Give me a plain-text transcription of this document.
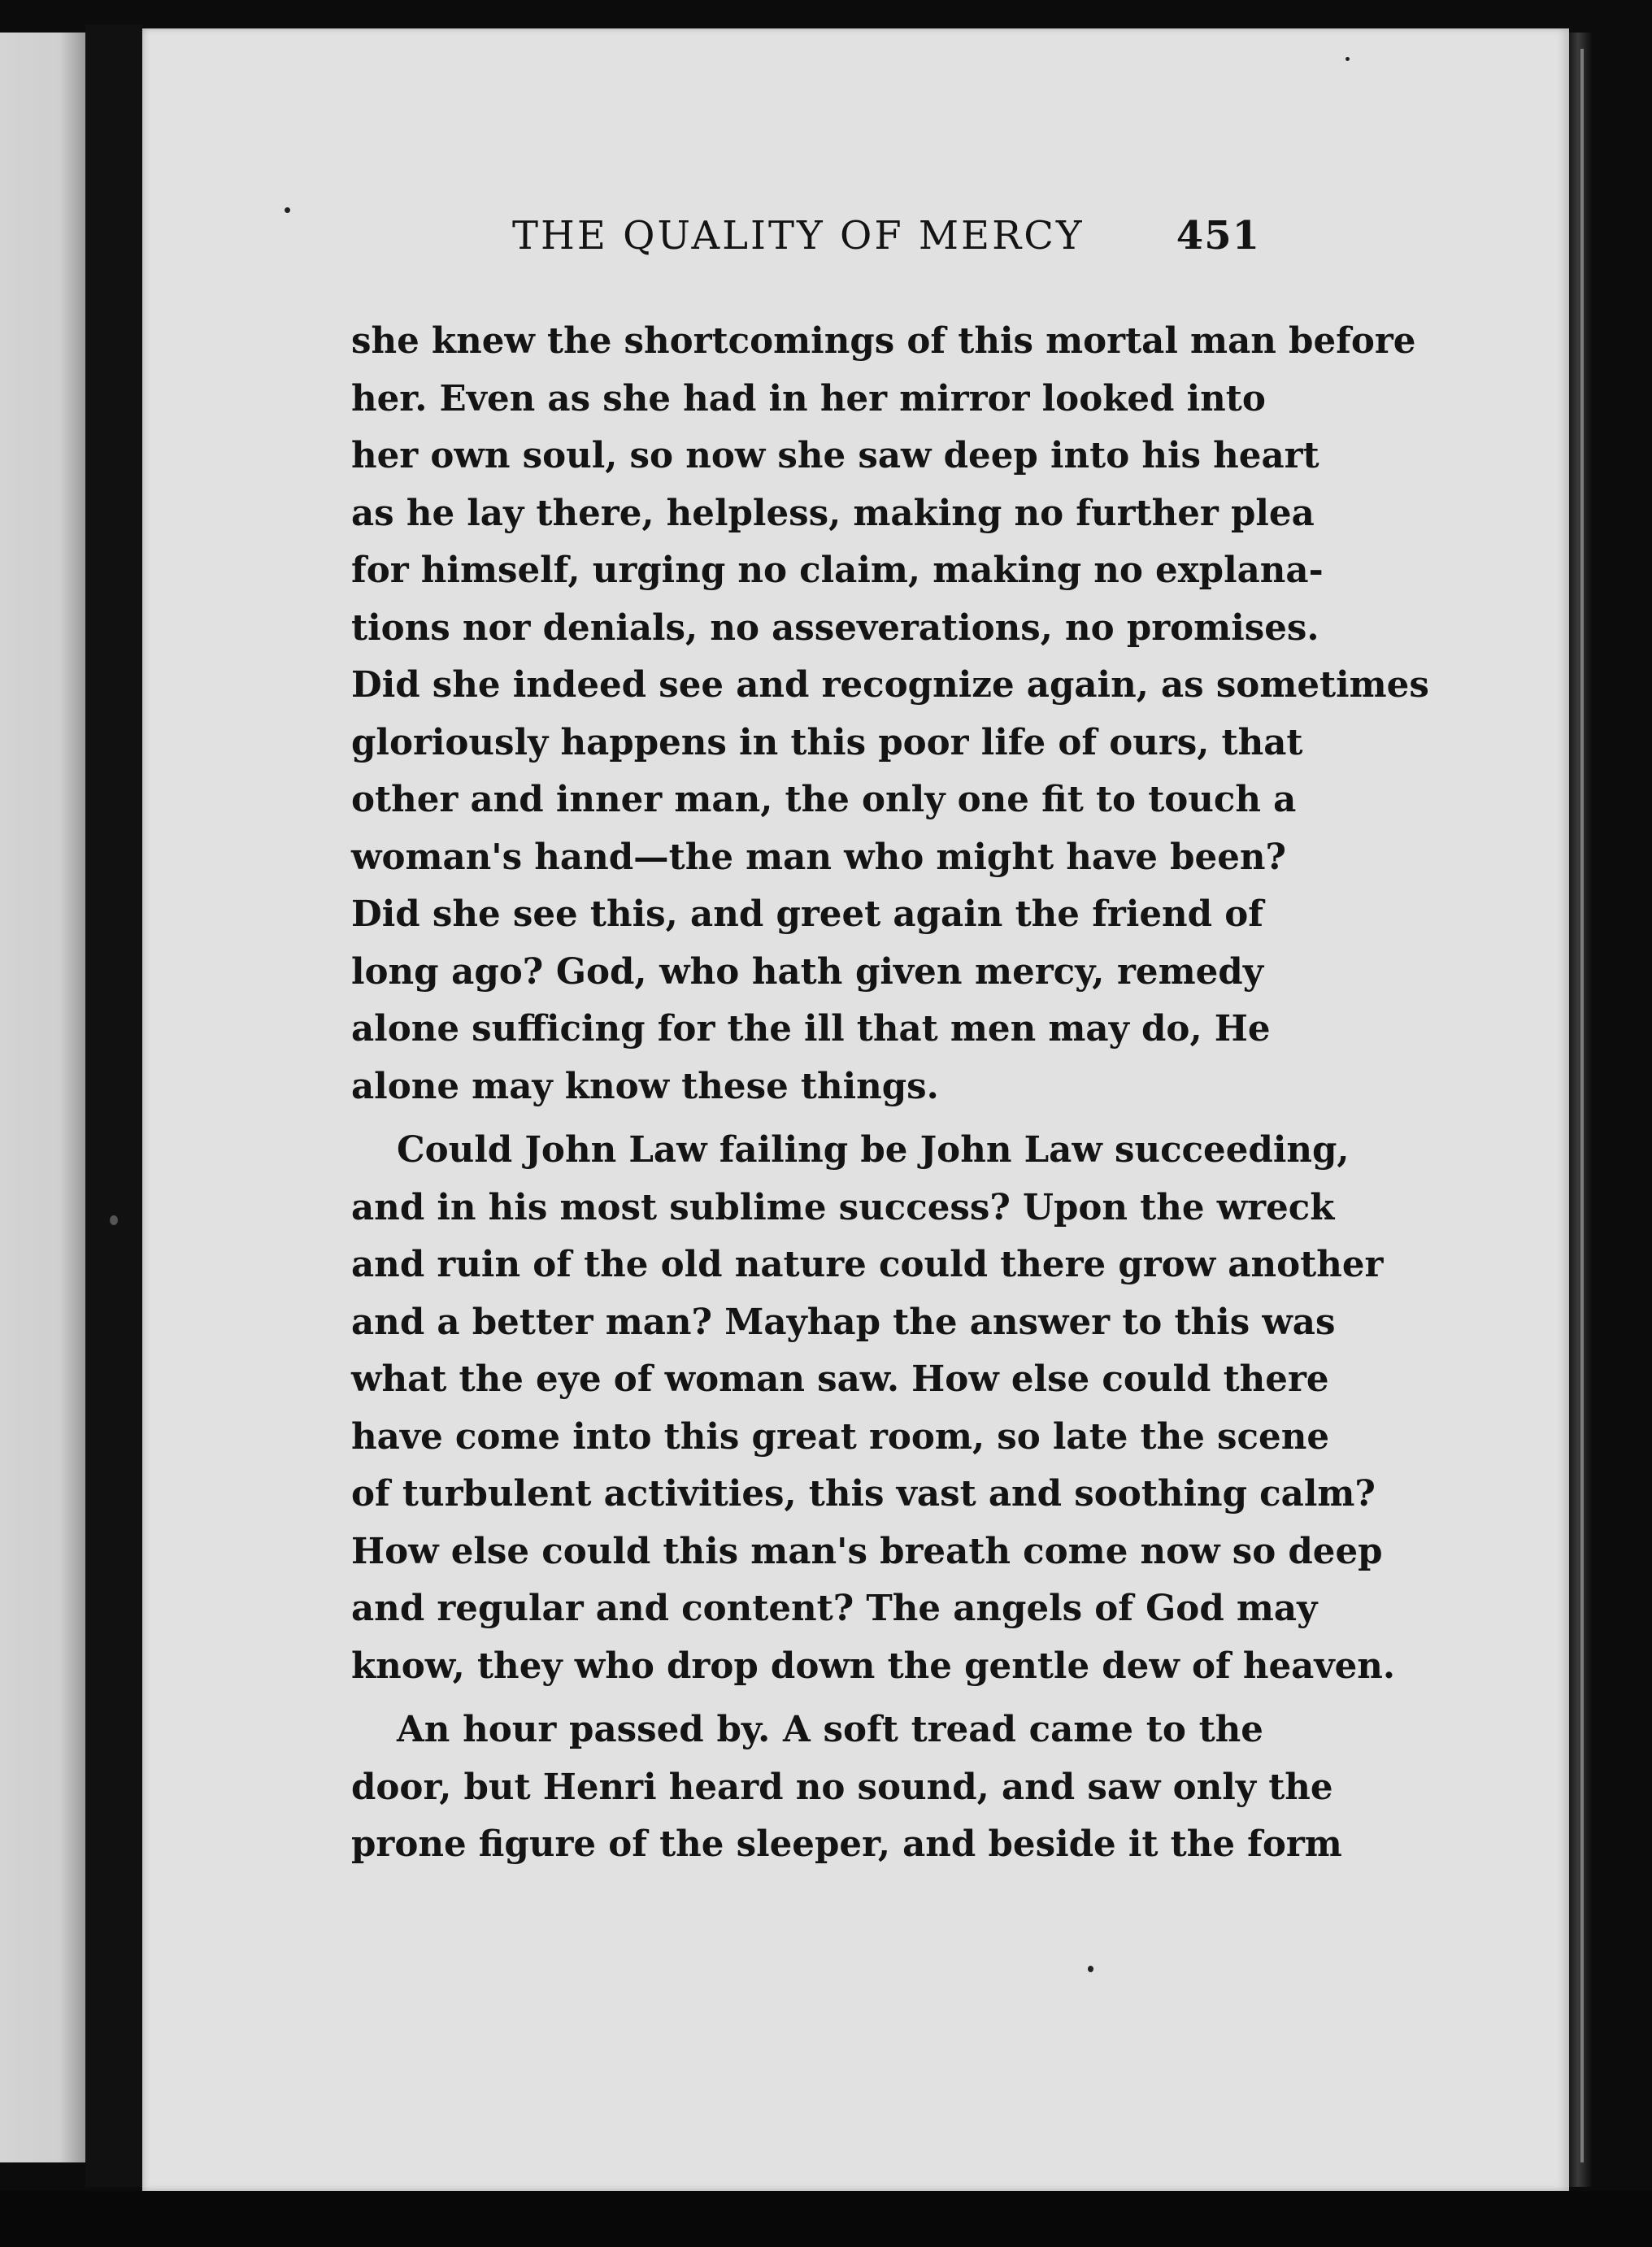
THE QUALITY OF MERCY 451
she knew the shortcomings of this mortal man before
her. Even as she had in her mirror looked into
her own soul, so now she saw deep into his heart
as he lay there, helpless, making no further plea
for himself, urging no claim, making no explana-
tions nor denials, no asseverations, no promises.
Did she indeed see and recognize again, as sometimes
gloriously happens in this poor life of ours, that
other and inner man, the only one fit to touch a
woman's hand—the man who might have been?
Did she see this, and greet again the friend of
long ago? God, who hath given mercy, remedy
alone sufficing for the ill that men may do, He
alone may know these things.
Could John Law failing be John Law succeeding,
and in his most sublime success? Upon the wreck
and ruin of the old nature could there grow another
and a better man? Mayhap the answer to this was
what the eye of woman saw. How else could there
have come into this great room, so late the scene
of turbulent activities, this vast and soothing calm?
How else could this man's breath come now so deep
and regular and content? The angels of God may
know, they who drop down the gentle dew of heaven.
An hour passed by. A soft tread came to the
door, but Henri heard no sound, and saw only the
prone figure of the sleeper, and beside it the form
